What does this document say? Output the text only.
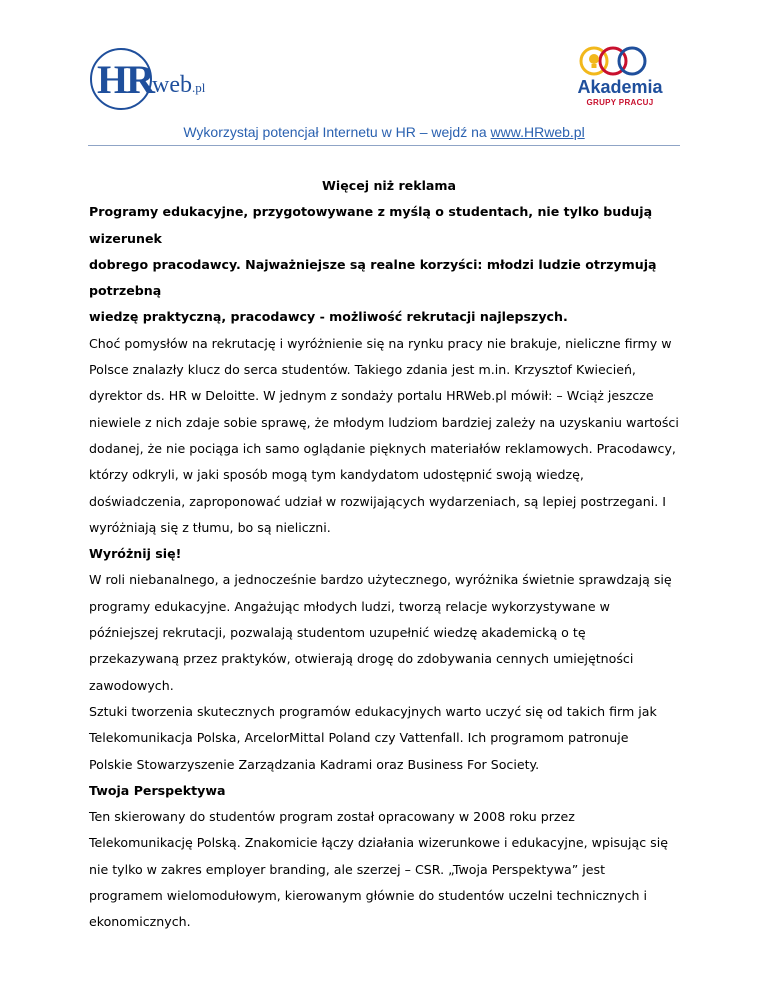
HR web.pl	Akademia
GRUPY PRACUJ
Wykorzystaj potencjał Internetu w HR – wejdź na www.HRweb.pl

Więcej niż reklama

Programy edukacyjne, przygotowywane z myślą o studentach, nie tylko budują wizerunek

dobrego pracodawcy. Najważniejsze są realne korzyści: młodzi ludzie otrzymują potrzebną

wiedzę praktyczną, pracodawcy - możliwość rekrutacji najlepszych.

Choć pomysłów na rekrutację i wyróżnienie się na rynku pracy nie brakuje, nieliczne firmy w

Polsce znalazły klucz do serca studentów. Takiego zdania jest m.in. Krzysztof Kwiecień,

dyrektor ds. HR w Deloitte. W jednym z sondaży portalu HRWeb.pl mówił: – Wciąż jeszcze

niewiele z nich zdaje sobie sprawę, że młodym ludziom bardziej zależy na uzyskaniu wartości

dodanej, że nie pociąga ich samo oglądanie pięknych materiałów reklamowych. Pracodawcy,

którzy odkryli, w jaki sposób mogą tym kandydatom udostępnić swoją wiedzę,

doświadczenia, zaproponować udział w rozwijających wydarzeniach, są lepiej postrzegani. I

wyróżniają się z tłumu, bo są nieliczni.

Wyróżnij się!

W roli niebanalnego, a jednocześnie bardzo użytecznego, wyróżnika świetnie sprawdzają się

programy edukacyjne. Angażując młodych ludzi, tworzą relacje wykorzystywane w

późniejszej rekrutacji, pozwalają studentom uzupełnić wiedzę akademicką o tę

przekazywaną przez praktyków, otwierają drogę do zdobywania cennych umiejętności

zawodowych.

Sztuki tworzenia skutecznych programów edukacyjnych warto uczyć się od takich firm jak

Telekomunikacja Polska, ArcelorMittal Poland czy Vattenfall. Ich programom patronuje

Polskie Stowarzyszenie Zarządzania Kadrami oraz Business For Society.

Twoja Perspektywa

Ten skierowany do studentów program został opracowany w 2008 roku przez

Telekomunikację Polską. Znakomicie łączy działania wizerunkowe i edukacyjne, wpisując się

nie tylko w zakres employer branding, ale szerzej – CSR. „Twoja Perspektywa” jest

programem wielomodułowym, kierowanym głównie do studentów uczelni technicznych i

ekonomicznych.
